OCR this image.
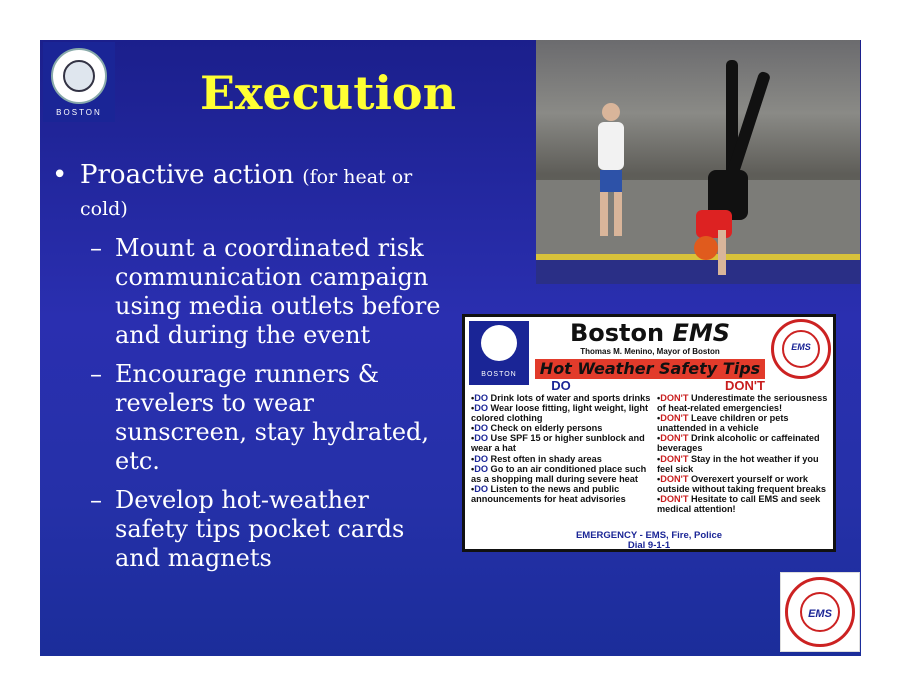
BOSTON Execution
• Proactive action (for heat or cold)
– Mount a coordinated risk communication campaign using media outlets before and during the event
– Encourage runners & revelers to wear sunscreen, stay hydrated, etc.
– Develop hot-weather safety tips pocket cards and magnets
BOSTON
EMS
Boston EMS
Thomas M. Menino, Mayor of Boston
Hot Weather Safety Tips
DO
•DO Drink lots of water and sports drinks
•DO Wear loose fitting, light weight, light colored clothing
•DO Check on elderly persons
•DO Use SPF 15 or higher sunblock and wear a hat
•DO Rest often in shady areas
•DO Go to an air conditioned place such as a shopping mall during severe heat
•DO Listen to the news and public announcements for heat advisories
DON'T
•DON'T Underestimate the seriousness of heat-related emergencies!
•DON'T Leave children or pets unattended in a vehicle
•DON'T Drink alcoholic or caffeinated beverages
•DON'T Stay in the hot weather if you feel sick
•DON'T Overexert yourself or work outside without taking frequent breaks
•DON'T Hesitate to call EMS and seek medical attention!
EMERGENCY - EMS, Fire, Police
Dial 9-1-1
EMS
